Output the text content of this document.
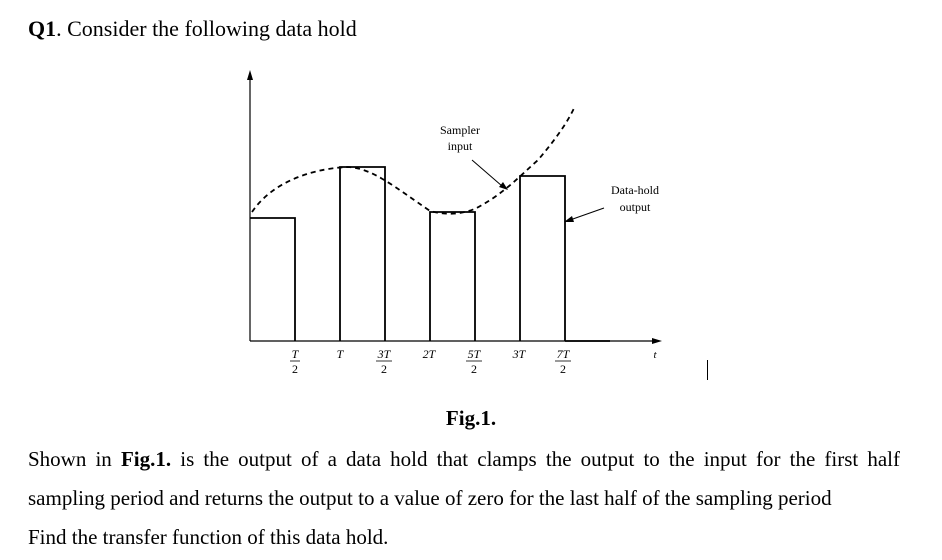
Q1. Consider the following data hold
Sampler
input
Data-hold
output
T
2
T	3T
2
2T	5T
2
3T	7T
2
t
Fig.1.

Shown in Fig.1. is the output of a data hold that clamps the output to the input for the first half sampling period and returns the output to a value of zero for the last half of the sampling period

Find the transfer function of this data hold.
